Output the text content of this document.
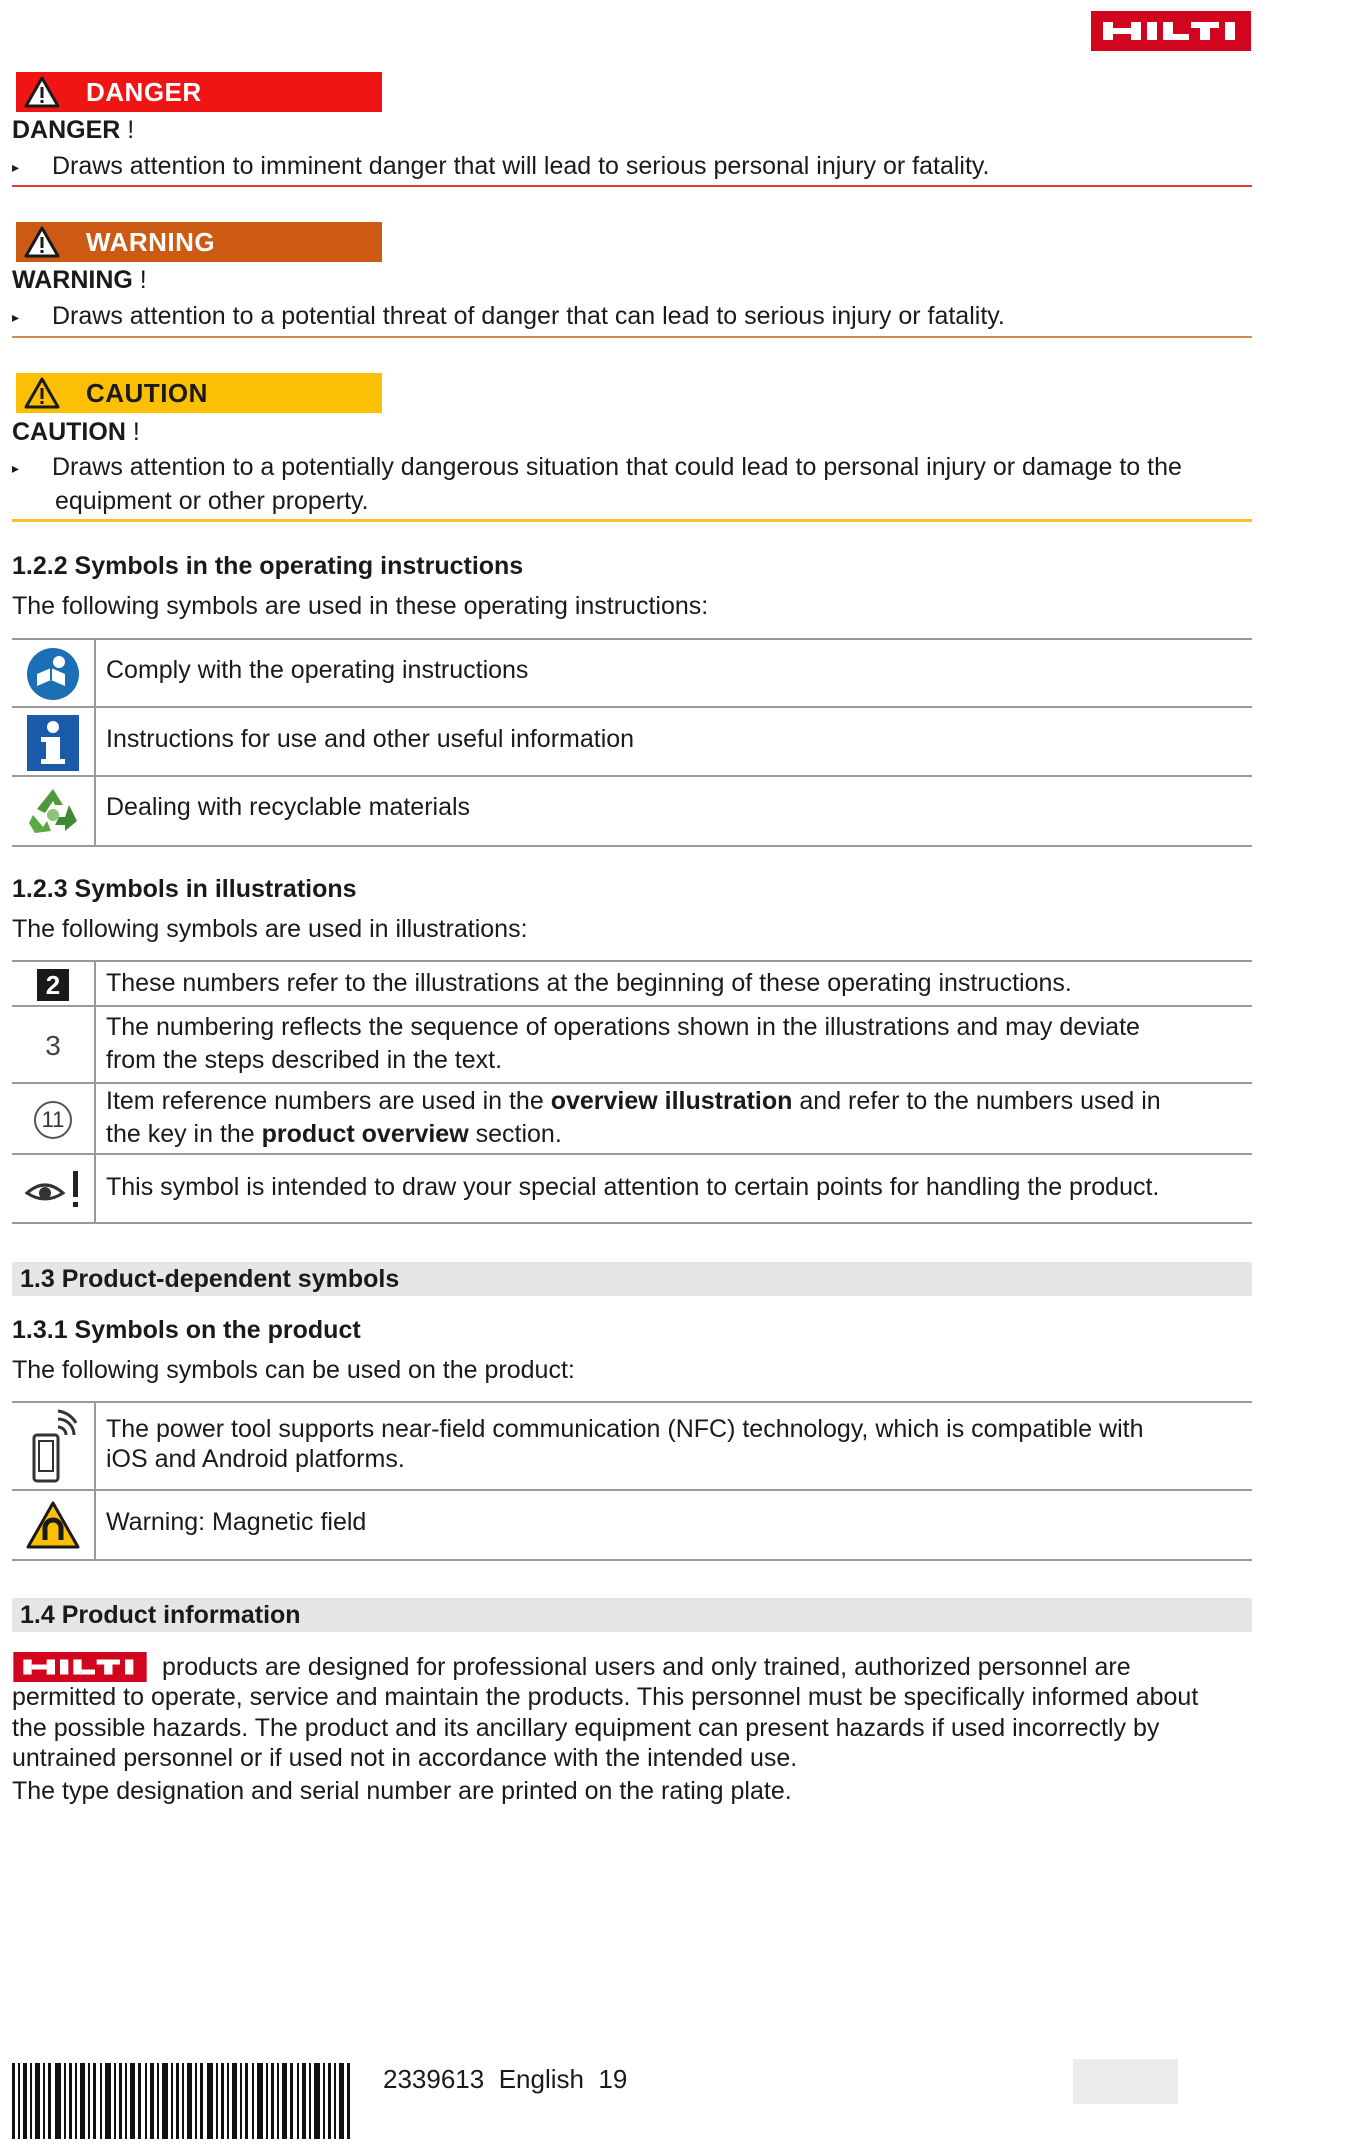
HILTI
DANGER
DANGER !
▸ Draws attention to imminent danger that will lead to serious personal injury or fatality.
WARNING
WARNING !
▸ Draws attention to a potential threat of danger that can lead to serious injury or fatality.
CAUTION
CAUTION !
▸ Draws attention to a potentially dangerous situation that could lead to personal injury or damage to the
equipment or other property.
1.2.2 Symbols in the operating instructions
The following symbols are used in these operating instructions:
Comply with the operating instructions
Instructions for use and other useful information
Dealing with recyclable materials
1.2.3 Symbols in illustrations
The following symbols are used in illustrations:
2	These numbers refer to the illustrations at the beginning of these operating instructions.
3
The numbering reflects the sequence of operations shown in the illustrations and may deviate
from the steps described in the text.
11
Item reference numbers are used in the overview illustration and refer to the numbers used in
the key in the product overview section.
This symbol is intended to draw your special attention to certain points for handling the product.
1.3 Product-dependent symbols
1.3.1 Symbols on the product
The following symbols can be used on the product:
The power tool supports near-field communication (NFC) technology, which is compatible with
iOS and Android platforms.
Warning: Magnetic field
1.4 Product information
HILTI	products are designed for professional users and only trained, authorized personnel are
permitted to operate, service and maintain the products. This personnel must be specifically informed about
the possible hazards. The product and its ancillary equipment can present hazards if used incorrectly by
untrained personnel or if used not in accordance with the intended use.
The type designation and serial number are printed on the rating plate.
2339613 English 19
